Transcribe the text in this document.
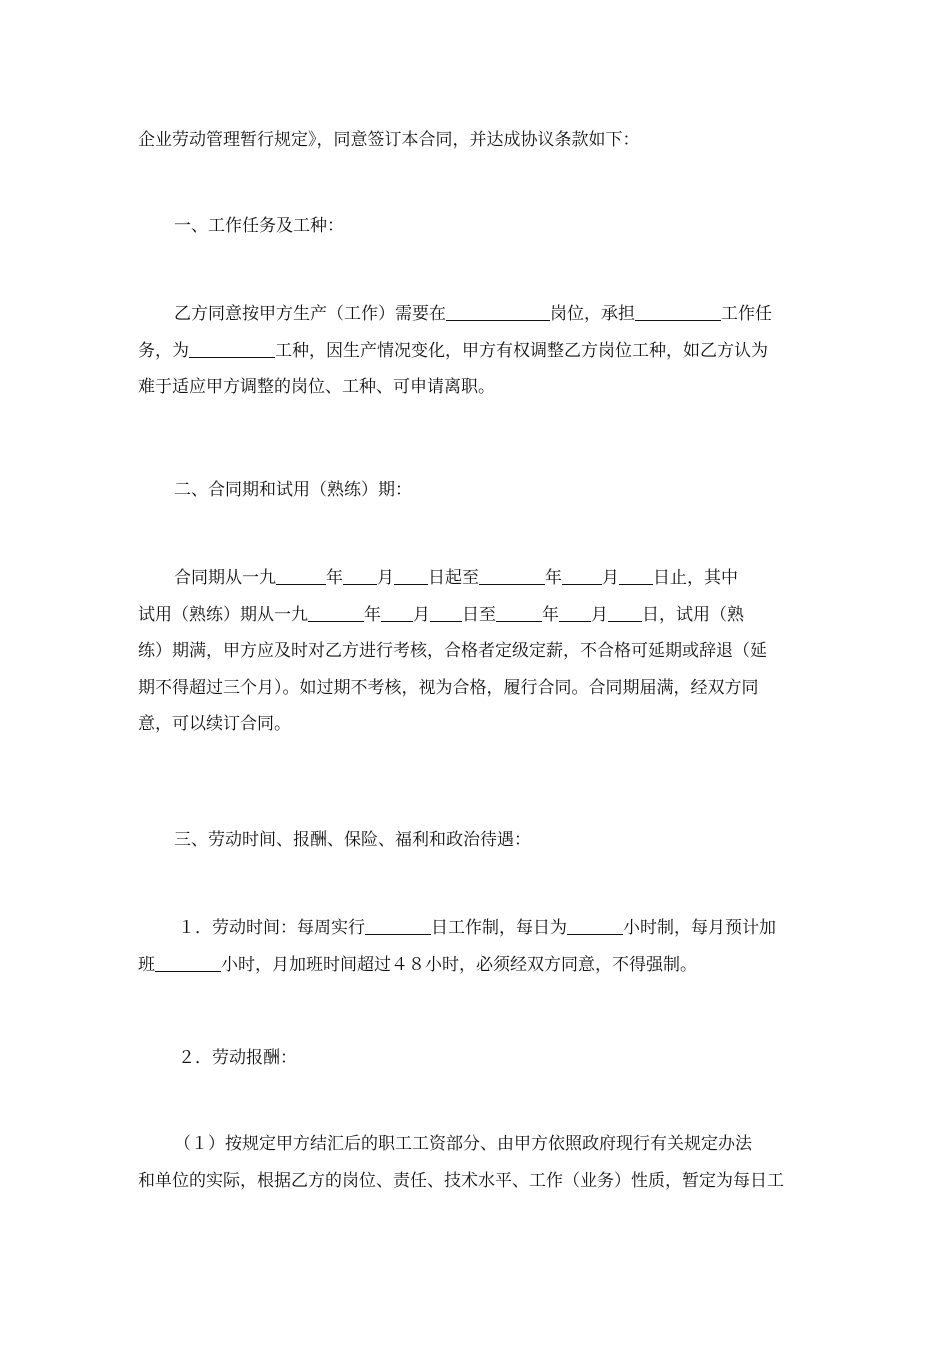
企业劳动管理暂行规定》，同意签订本合同，并达成协议条款如下：
一、工作任务及工种：
乙方同意按甲方生产（工作）需要在	岗位，承担	工作任
务，为	工种，因生产情况变化，甲方有权调整乙方岗位工种，如乙方认为
难于适应甲方调整的岗位、工种、可申请离职。
二、合同期和试用（熟练）期：
合同期从一九	年 月 日起至	年 月 日止，其中
试用（熟练）期从一九	年 月 日至	年 月 日，试用（熟
练）期满，甲方应及时对乙方进行考核，合格者定级定薪，不合格可延期或辞退（延
期不得超过三个月）。如过期不考核，视为合格，履行合同。合同期届满，经双方同
意，可以续订合同。
三、劳动时间、报酬、保险、福利和政治待遇：
１．劳动时间：每周实行	日工作制，每日为	小时制，每月预计加
班	小时，月加班时间超过４８小时，必须经双方同意，不得强制。
２．劳动报酬：
（１）按规定甲方结汇后的职工工资部分、由甲方依照政府现行有关规定办法
和单位的实际，根据乙方的岗位、责任、技术水平、工作（业务）性质，暂定为每日工
